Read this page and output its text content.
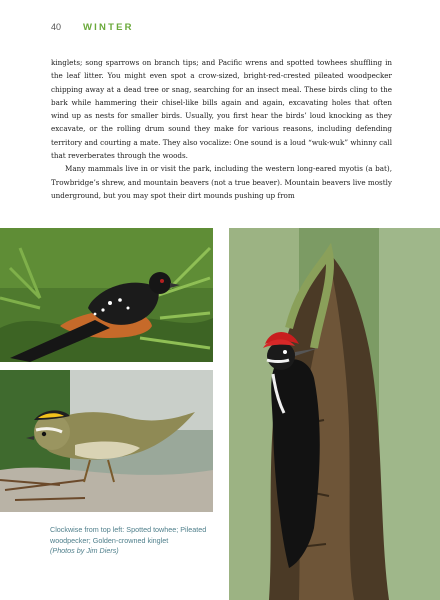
40	WINTER

kinglets; song sparrows on branch tips; and Pacific wrens and spotted towhees shuffling in the leaf litter. You might even spot a crow-sized, bright-red-crested pileated woodpecker chipping away at a dead tree or snag, searching for an insect meal. These birds cling to the bark while hammering their chisel-like bills again and again, excavating holes that often wind up as nests for smaller birds. Usually, you first hear the birds’ loud knocking as they excavate, or the rolling drum sound they make for various reasons, including defending territory and courting a mate. They also vocalize: One sound is a loud “wuk-wuk” whinny call that reverberates through the woods.

Many mammals live in or visit the park, including the western long-eared myotis (a bat), Trowbridge’s shrew, and mountain beavers (not a true beaver). Mountain beavers live mostly underground, but you may spot their dirt mounds pushing up from

Clockwise from top left: Spotted towhee; Pileated woodpecker; Golden-crowned kinglet
(Photos by Jim Diers)
